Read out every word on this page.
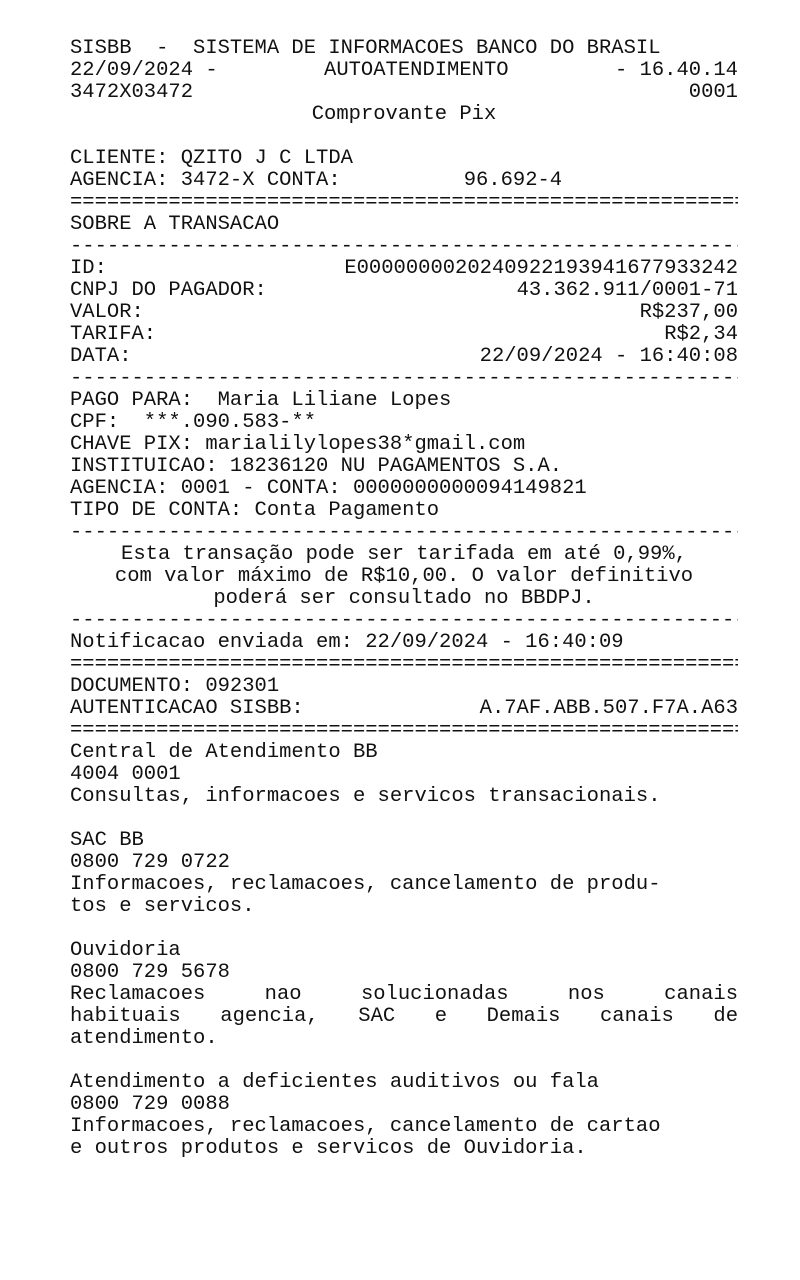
SISBB  -  SISTEMA DE INFORMACOES BANCO DO BRASIL
22/09/2024 -	AUTOATENDIMENTO	- 16.40.14
3472X03472	0001
Comprovante Pix
CLIENTE: QZITO J C LTDA
AGENCIA: 3472-X CONTA:	96.692-4
=====
SOBRE A TRANSACAO
-----
ID:	E0000000020240922193941677933242
CNPJ DO PAGADOR:	43.362.911/0001-71
VALOR:	R$237,00
TARIFA:	R$2,34
DATA:	22/09/2024 - 16:40:08
-----
PAGO PARA:  Maria Liliane Lopes
CPF:  ***.090.583-**
CHAVE PIX: marialilylopes38*gmail.com
INSTITUICAO: 18236120 NU PAGAMENTOS S.A.
AGENCIA: 0001 - CONTA: 0000000000094149821
TIPO DE CONTA: Conta Pagamento
-----
Esta transação pode ser tarifada em até 0,99%,
com valor máximo de R$10,00. O valor definitivo
poderá ser consultado no BBDPJ.
-----
Notificacao enviada em: 22/09/2024 - 16:40:09
=====
DOCUMENTO: 092301
AUTENTICACAO SISBB:	A.7AF.ABB.507.F7A.A63
=====
Central de Atendimento BB
4004 0001
Consultas, informacoes e servicos transacionais.
SAC BB
0800 729 0722
Informacoes, reclamacoes, cancelamento de produ-
tos e servicos.
Ouvidoria
0800 729 5678
Reclamacoes nao solucionadas nos canais
habituais agencia, SAC e Demais canais de
atendimento.
Atendimento a deficientes auditivos ou fala
0800 729 0088
Informacoes, reclamacoes, cancelamento de cartao
e outros produtos e servicos de Ouvidoria.
